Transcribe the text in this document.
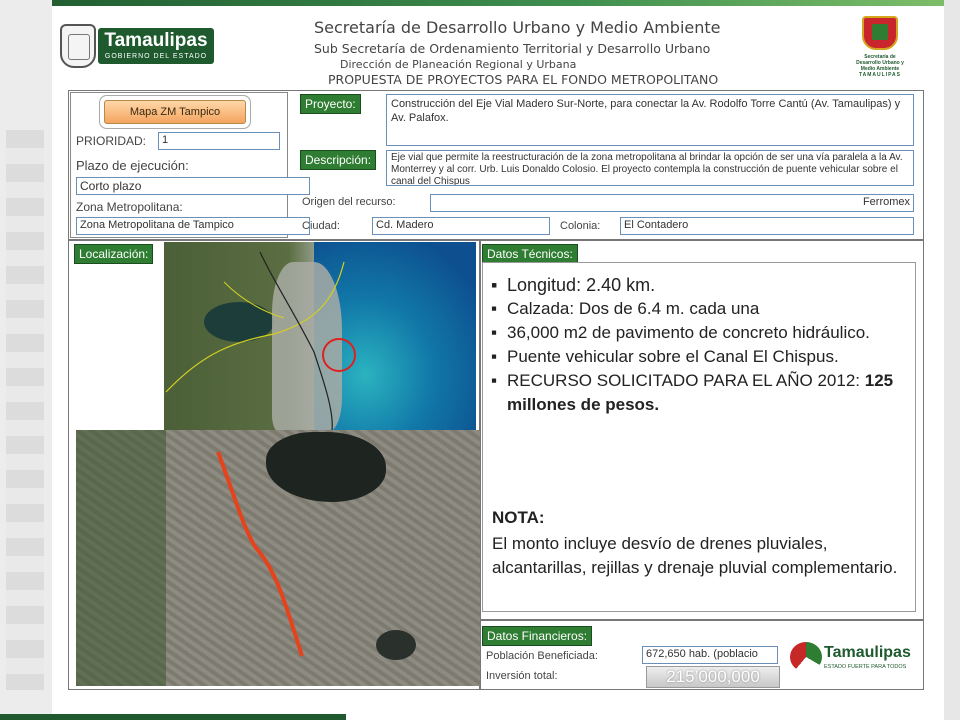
Tamaulipas
GOBIERNO DEL ESTADO
Secretaría de Desarrollo Urbano y Medio Ambiente
Sub Secretaría de Ordenamiento Territorial y Desarrollo Urbano
Dirección de Planeación Regional y Urbana
PROPUESTA DE PROYECTOS PARA EL FONDO METROPOLITANO
Secretaría de Desarrollo Urbano y Medio Ambiente
TAMAULIPAS
Mapa ZM Tampico
PRIORIDAD:	1
Plazo de ejecución:
Corto plazo
Zona Metropolitana:
Zona Metropolitana de Tampico
Proyecto:	Construcción del Eje Vial Madero Sur-Norte, para conectar la Av. Rodolfo Torre Cantú (Av. Tamaulipas) y Av. Palafox.
Descripción:	Eje vial que permite la reestructuración de la zona metropolitana al brindar la opción de ser una vía paralela a la Av. Monterrey y al corr. Urb. Luis Donaldo Colosio. El proyecto contempla la construcción de puente vehicular sobre el canal del Chispus
Origen del recurso:	Ferromex
Ciudad:	Cd. Madero	Colonia:	El Contadero
Localización:	Datos Técnicos:
▪ Longitud: 2.40 km.
▪ Calzada: Dos de 6.4 m. cada una
▪ 36,000 m2 de pavimento de concreto hidráulico.
▪ Puente vehicular sobre el Canal El Chispus.
▪ RECURSO SOLICITADO PARA EL AÑO 2012: 125 millones de pesos.
NOTA:
El monto incluye desvío de drenes pluviales, alcantarillas, rejillas y drenaje pluvial complementario.
Datos Financieros:
Población Beneficiada:	672,650 hab. (poblacio
Inversión total:	215’000,000
Tamaulipas
ESTADO FUERTE PARA TODOS
